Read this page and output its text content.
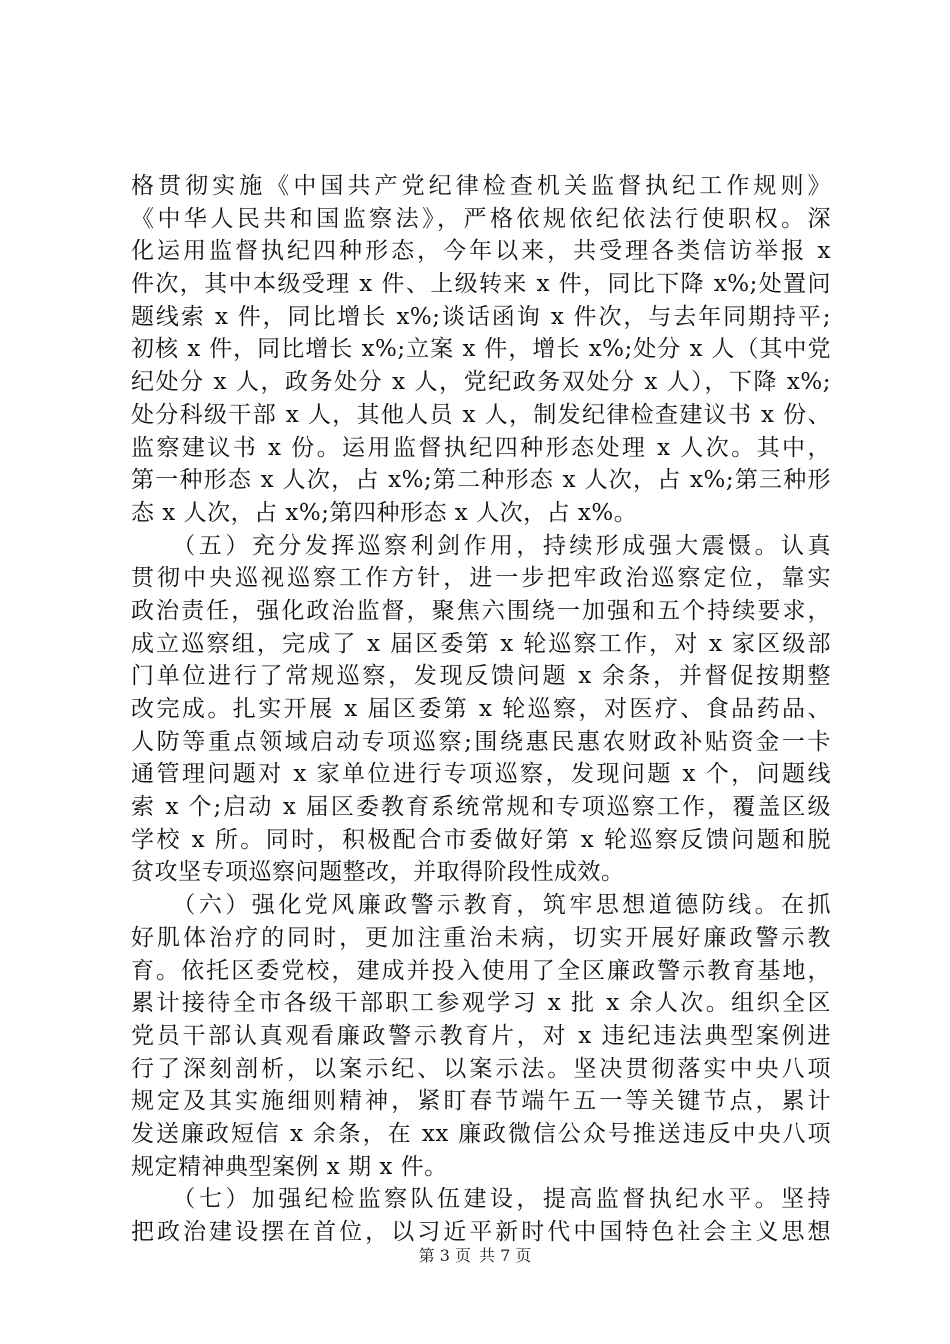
格贯彻实施《中国共产党纪律检查机关监督执纪工作规则》
《中华人民共和国监察法》，严格依规依纪依法行使职权。深
化运用监督执纪四种形态，今年以来，共受理各类信访举报 x
件次，其中本级受理 x 件、上级转来 x 件，同比下降 x%;处置问
题线索 x 件，同比增长 x%;谈话函询 x 件次，与去年同期持平;
初核 x 件，同比增长 x%;立案 x 件，增长 x%;处分 x 人（其中党
纪处分 x 人，政务处分 x 人，党纪政务双处分 x 人），下降 x%;
处分科级干部 x 人，其他人员 x 人，制发纪律检查建议书 x 份、
监察建议书 x 份。运用监督执纪四种形态处理 x 人次。其中，
第一种形态 x 人次，占 x%;第二种形态 x 人次，占 x%;第三种形
态 x 人次，占 x%;第四种形态 x 人次，占 x%。
　　（五）充分发挥巡察利剑作用，持续形成强大震慑。认真
贯彻中央巡视巡察工作方针，进一步把牢政治巡察定位，靠实
政治责任，强化政治监督，聚焦六围绕一加强和五个持续要求，
成立巡察组，完成了 x 届区委第 x 轮巡察工作，对 x 家区级部
门单位进行了常规巡察，发现反馈问题 x 余条，并督促按期整
改完成。扎实开展 x 届区委第 x 轮巡察，对医疗、食品药品、
人防等重点领域启动专项巡察;围绕惠民惠农财政补贴资金一卡
通管理问题对 x 家单位进行专项巡察，发现问题 x 个，问题线
索 x 个;启动 x 届区委教育系统常规和专项巡察工作，覆盖区级
学校 x 所。同时，积极配合市委做好第 x 轮巡察反馈问题和脱
贫攻坚专项巡察问题整改，并取得阶段性成效。
　　（六）强化党风廉政警示教育，筑牢思想道德防线。在抓
好肌体治疗的同时，更加注重治未病，切实开展好廉政警示教
育。依托区委党校，建成并投入使用了全区廉政警示教育基地，
累计接待全市各级干部职工参观学习 x 批 x 余人次。组织全区
党员干部认真观看廉政警示教育片，对 x 违纪违法典型案例进
行了深刻剖析，以案示纪、以案示法。坚决贯彻落实中央八项
规定及其实施细则精神，紧盯春节端午五一等关键节点，累计
发送廉政短信 x 余条，在 xx 廉政微信公众号推送违反中央八项
规定精神典型案例 x 期 x 件。
　　（七）加强纪检监察队伍建设，提高监督执纪水平。坚持
把政治建设摆在首位，以习近平新时代中国特色社会主义思想
第 3 页 共 7 页
